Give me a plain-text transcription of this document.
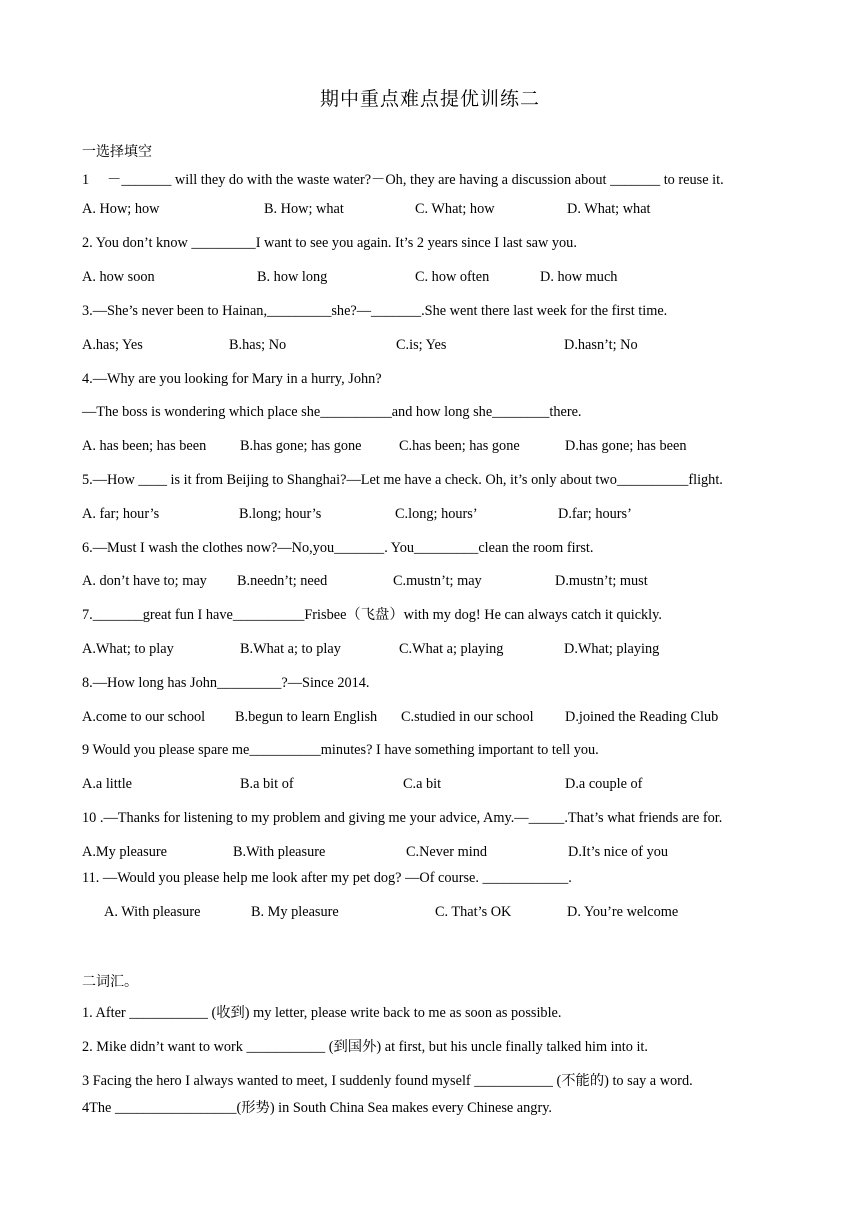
期中重点难点提优训练二
一选择填空
1 　－_______ will they do with the waste water?－Oh, they are having a discussion about _______ to reuse it.
A. How; how	B. How; what	C. What; how	D. What; what
2. You don’t know _________I want to see you again. It’s 2 years since I last saw you.
A. how soon	B. how long	C. how often	D. how much
3.—She’s never been to Hainan,_________she?—_______.She went there last week for the first time.
A.has; Yes	B.has; No	C.is; Yes	D.hasn’t; No
4.—Why are you looking for Mary in a hurry, John?
—The boss is wondering which place she__________and how long she________there.
A. has been; has been B.has gone; has gone	C.has been; has gone	D.has gone; has been
5.—How ____ is it from Beijing to Shanghai?—Let me have a check. Oh, it’s only about two__________flight.
A. far; hour’s	B.long; hour’s	C.long; hours’	D.far; hours’
6.—Must I wash the clothes now?—No,you_______. You_________clean the room first.
A. don’t have to; may B.needn’t; need	C.mustn’t; may	D.mustn’t; must
7._______great fun I have__________Frisbee（飞盘）with my dog! He can always catch it quickly.
A.What; to play	B.What a; to play	C.What a; playing	D.What; playing
8.—How long has John_________?—Since 2014.
A.come to our school B.begun to learn English C.studied in our school D.joined the Reading Club
9 Would you please spare me__________minutes? I have something important to tell you.
A.a little	B.a bit of	C.a bit	D.a couple of
10 .—Thanks for listening to my problem and giving me your advice, Amy.—_____.That’s what friends are for.
A.My pleasure	B.With pleasure	C.Never mind	D.It’s nice of you
11. —Would you please help me look after my pet dog? —Of course. ____________.
A. With pleasure	B. My pleasure	C. That’s OK	D. You’re welcome
二词汇。
1. After ___________ (收到) my letter, please write back to me as soon as possible.
2. Mike didn’t want to work ___________ (到国外) at first, but his uncle finally talked him into it.
3 Facing the hero I always wanted to meet, I suddenly found myself ___________ (不能的) to say a word.
4The _________________(形势) in South China Sea makes every Chinese angry.
